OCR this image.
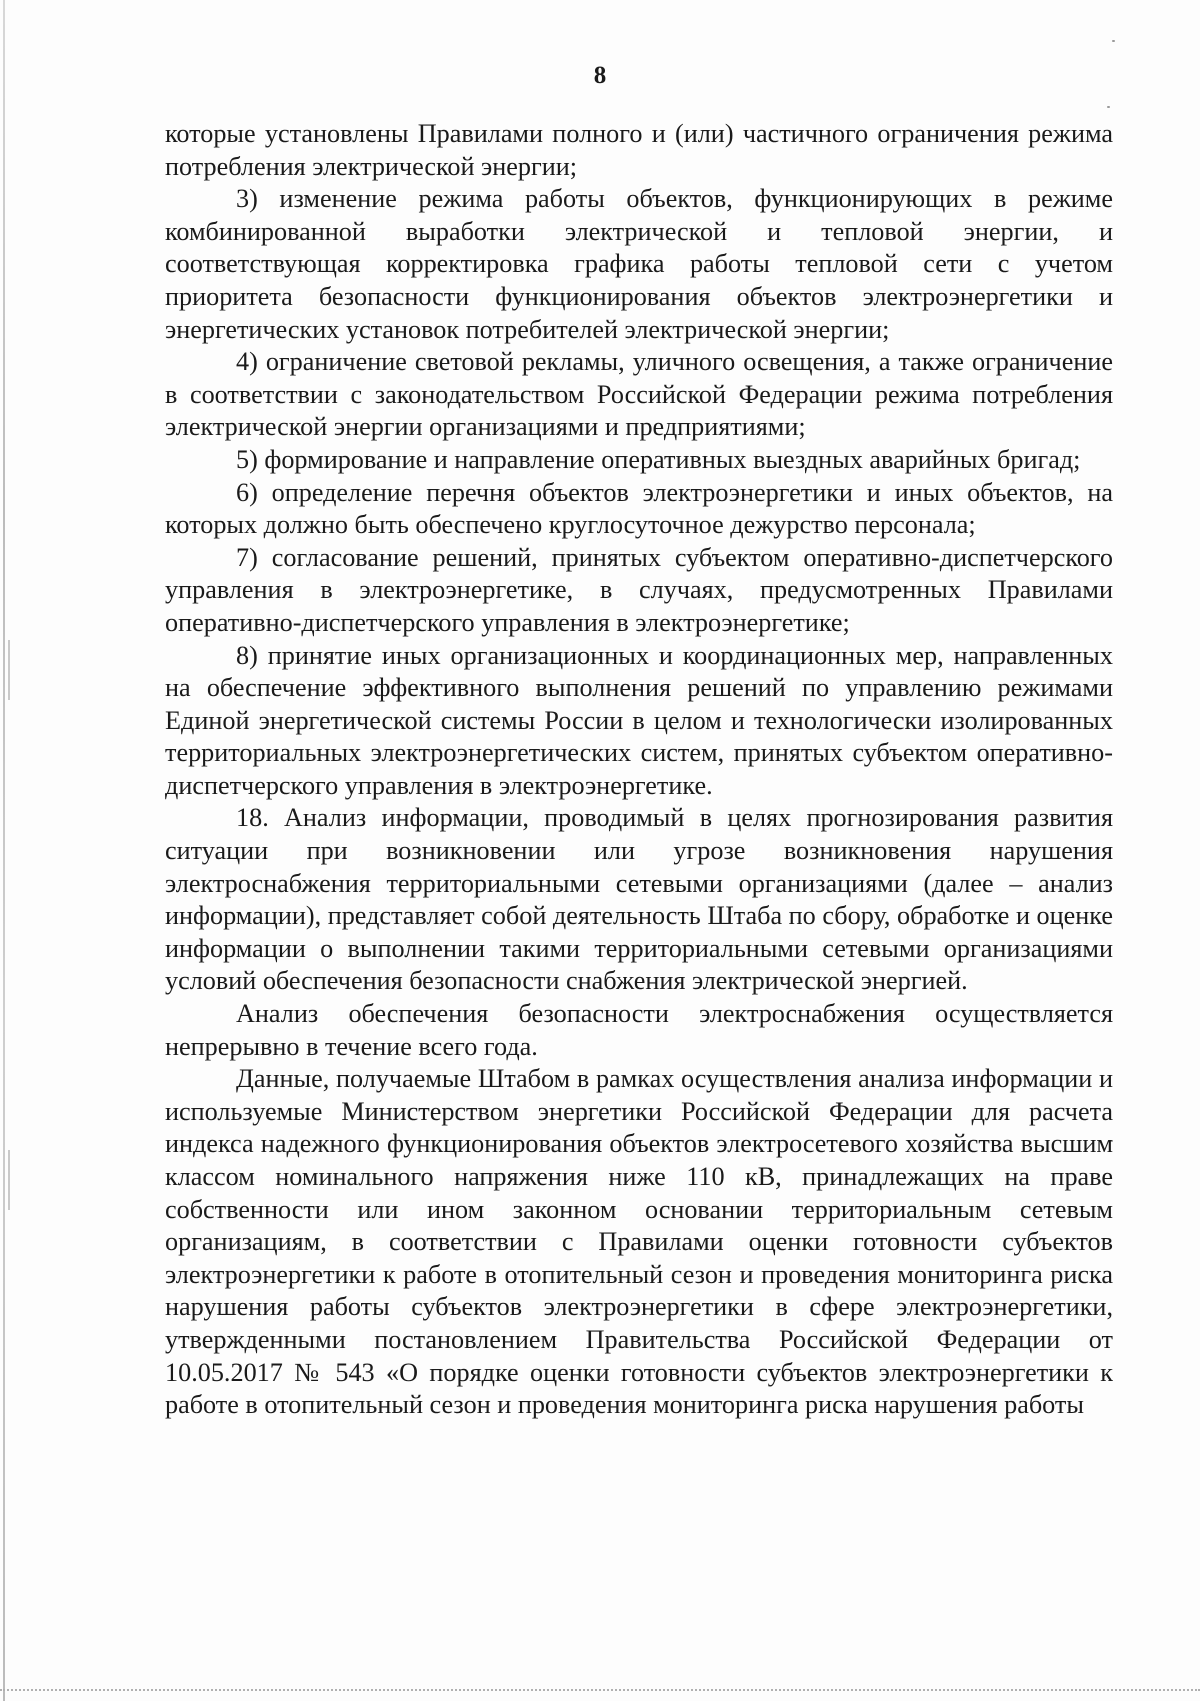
8

которые установлены Правилами полного и (или) частичного ограничения режима потребления электрической энергии;

3) изменение режима работы объектов, функционирующих в режиме комбинированной выработки электрической и тепловой энергии, и соответствующая корректировка графика работы тепловой сети с учетом приоритета безопасности функционирования объектов электроэнергетики и энергетических установок потребителей электрической энергии;

4) ограничение световой рекламы, уличного освещения, а также ограничение в соответствии с законодательством Российской Федерации режима потребления электрической энергии организациями и предприятиями;

5) формирование и направление оперативных выездных аварийных бригад;

6) определение перечня объектов электроэнергетики и иных объектов, на которых должно быть обеспечено круглосуточное дежурство персонала;

7) согласование решений, принятых субъектом оперативно-диспетчерского управления в электроэнергетике, в случаях, предусмотренных Правилами оперативно-диспетчерского управления в электроэнергетике;

8) принятие иных организационных и координационных мер, направленных на обеспечение эффективного выполнения решений по управлению режимами Единой энергетической системы России в целом и технологически изолированных территориальных электроэнергетических систем, принятых субъектом оперативно-диспетчерского управления в электроэнергетике.

18. Анализ информации, проводимый в целях прогнозирования развития ситуации при возникновении или угрозе возникновения нарушения электроснабжения территориальными сетевыми организациями (далее – анализ информации), представляет собой деятельность Штаба по сбору, обработке и оценке информации о выполнении такими территориальными сетевыми организациями условий обеспечения безопасности снабжения электрической энергией.

Анализ обеспечения безопасности электроснабжения осуществляется непрерывно в течение всего года.

Данные, получаемые Штабом в рамках осуществления анализа информации и используемые Министерством энергетики Российской Федерации для расчета индекса надежного функционирования объектов электросетевого хозяйства высшим классом номинального напряжения ниже 110 кВ, принадлежащих на праве собственности или ином законном основании территориальным сетевым организациям, в соответствии с Правилами оценки готовности субъектов электроэнергетики к работе в отопительный сезон и проведения мониторинга риска нарушения работы субъектов электроэнергетики в сфере электроэнергетики, утвержденными постановлением Правительства Российской Федерации от 10.05.2017 № 543 «О порядке оценки готовности субъектов электроэнергетики к работе в отопительный сезон и проведения мониторинга риска нарушения работы
